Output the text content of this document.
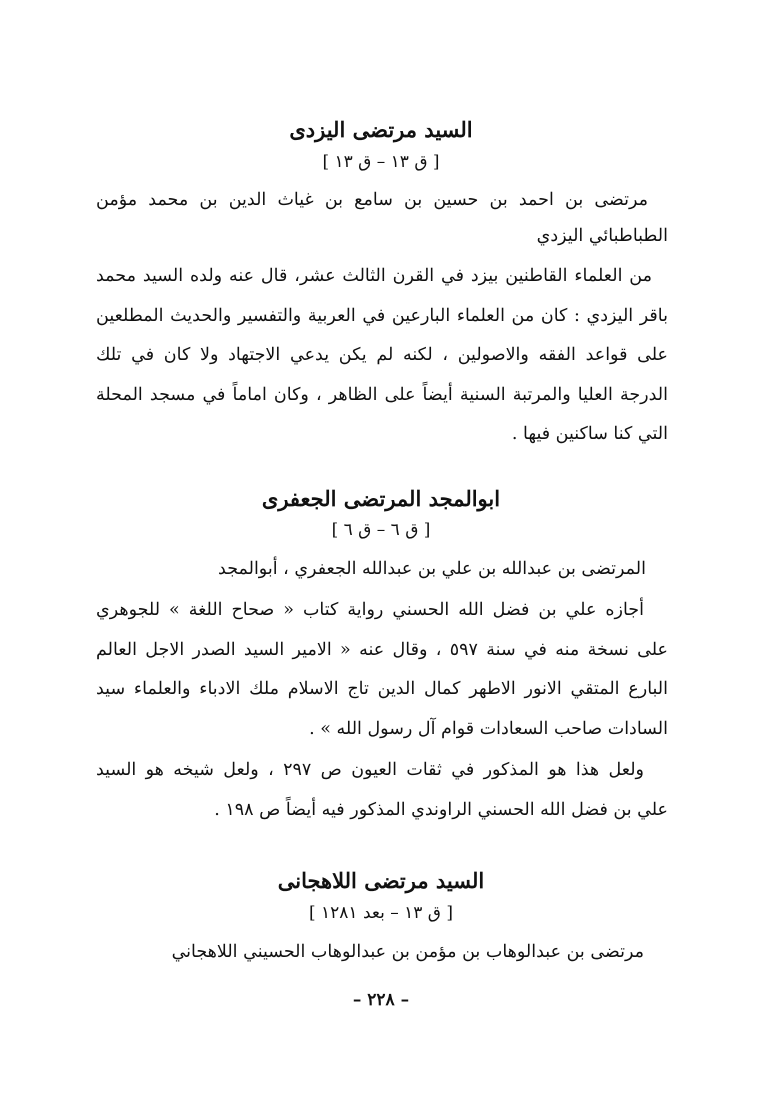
السيد مرتضى اليزدى
[ ق ١٣ – ق ١٣ ]
مرتضى بن احمد بن حسين بن سامع بن غياث الدين بن محمد مؤمن
الطباطبائي اليزدي
من العلماء القاطنين بيزد في القرن الثالث عشر، قال عنه ولده السيد محمد
باقر اليزدي : كان من العلماء البارعين في العربية والتفسير والحديث المطلعين
على قواعد الفقه والاصولين ، لكنه لم يكن يدعي الاجتهاد ولا كان في تلك
الدرجة العليا والمرتبة السنية أيضاً على الظاهر ، وكان اماماً في مسجد المحلة
التي كنا ساكنين فيها .
ابوالمجد المرتضى الجعفرى
[ ق ٦ – ق ٦ ]
المرتضى بن عبدالله بن علي بن عبدالله الجعفري ، أبوالمجد
أجازه علي بن فضل الله الحسني رواية كتاب « صحاح اللغة » للجوهري
على نسخة منه في سنة ٥٩٧ ، وقال عنه « الامير السيد الصدر الاجل العالم
البارع المتقي الانور الاطهر كمال الدين تاج الاسلام ملك الادباء والعلماء سيد
السادات صاحب السعادات قوام آل رسول الله » .
ولعل هذا هو المذكور في ثقات العيون ص ٢٩٧ ، ولعل شيخه هو السيد
علي بن فضل الله الحسني الراوندي المذكور فيه أيضاً ص ١٩٨ .
السيد مرتضى اللاهجانى
[ ق ١٣ – بعد ١٢٨١ ]
مرتضى بن عبدالوهاب بن مؤمن بن عبدالوهاب الحسيني اللاهجاني
– ٢٢٨ –
